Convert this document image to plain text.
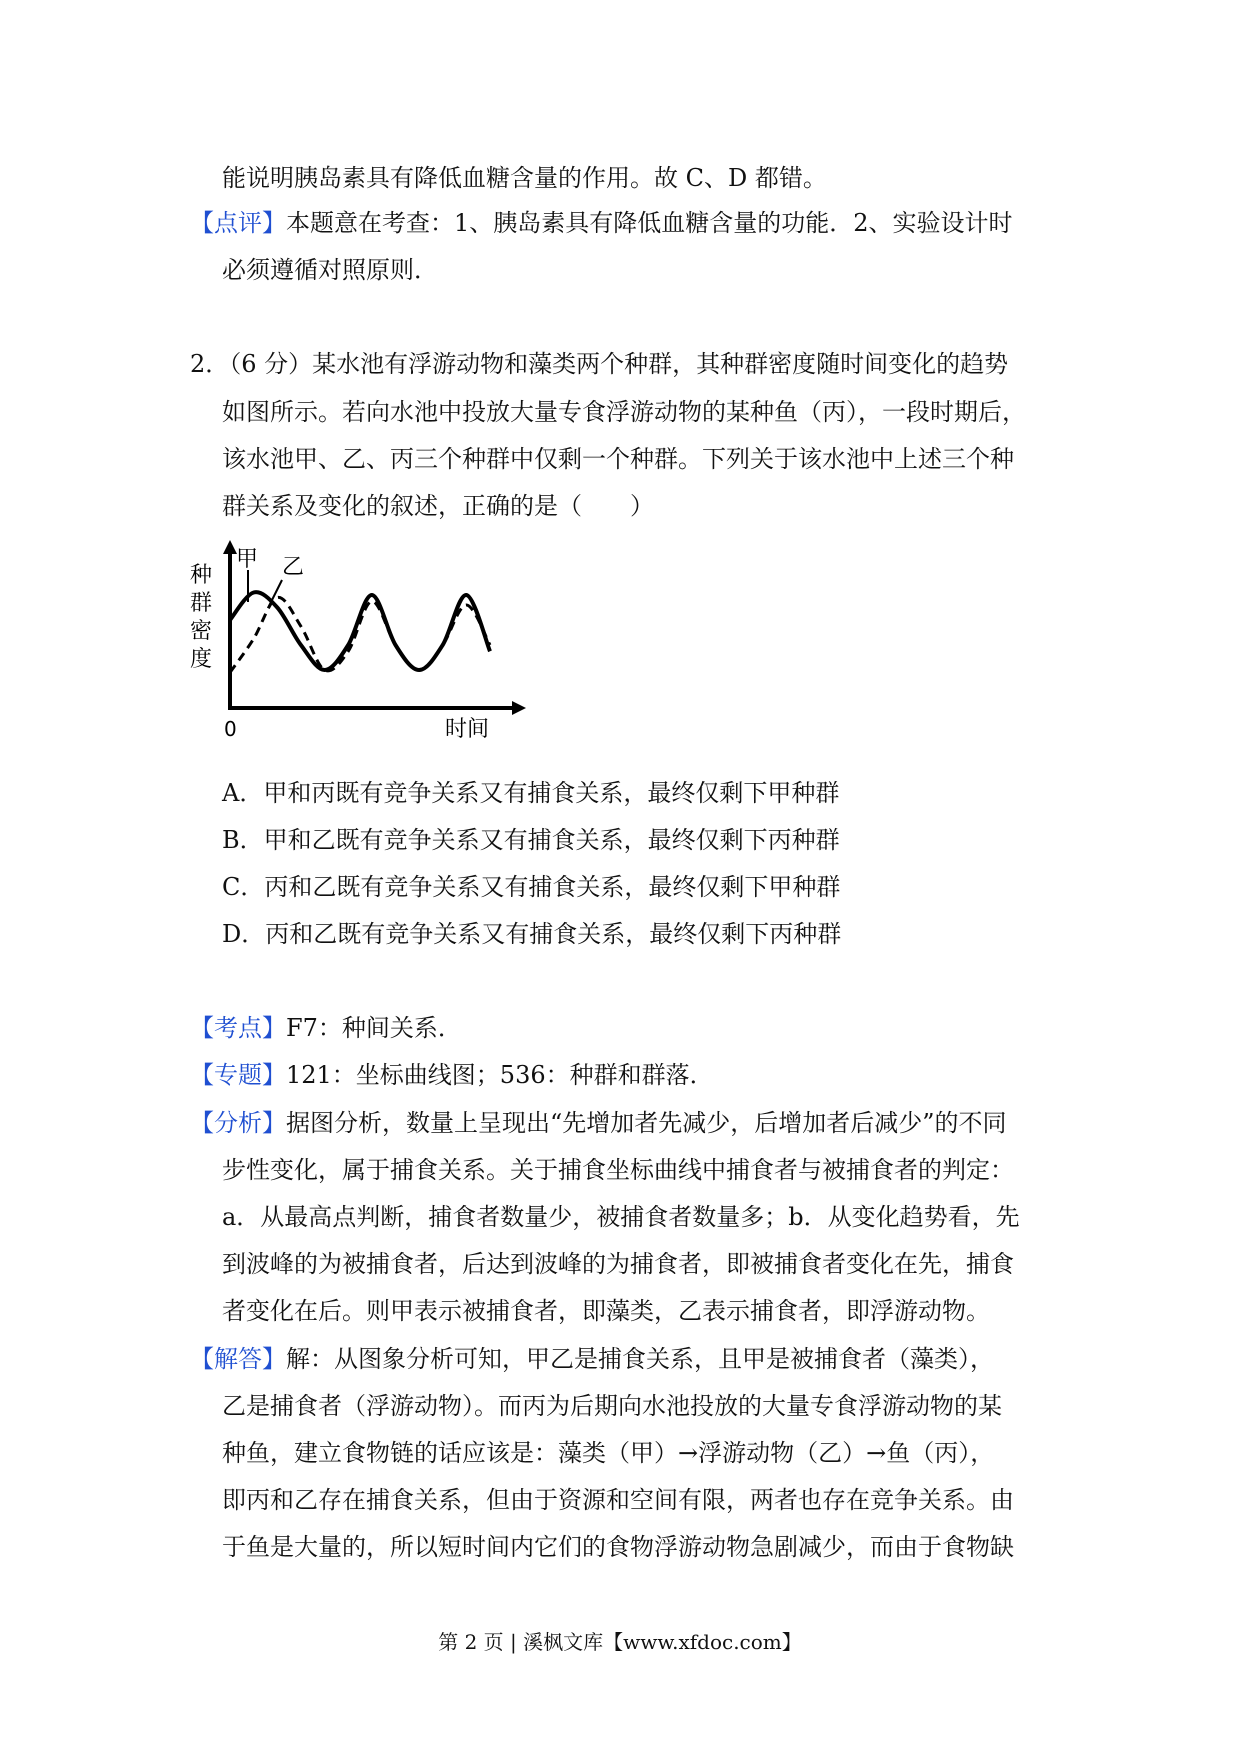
能说明胰岛素具有降低血糖含量的作用。故 C、D 都错。
【点评】本题意在考查：1、胰岛素具有降低血糖含量的功能．2、实验设计时
必须遵循对照原则．
2．（6 分）某水池有浮游动物和藻类两个种群，其种群密度随时间变化的趋势
如图所示。若向水池中投放大量专食浮游动物的某种鱼（丙），一段时期后，
该水池甲、乙、丙三个种群中仅剩一个种群。下列关于该水池中上述三个种
群关系及变化的叙述，正确的是（　　）
种
群
密
度
0	时间
甲 乙
A．甲和丙既有竞争关系又有捕食关系，最终仅剩下甲种群
B．甲和乙既有竞争关系又有捕食关系，最终仅剩下丙种群
C．丙和乙既有竞争关系又有捕食关系，最终仅剩下甲种群
D．丙和乙既有竞争关系又有捕食关系，最终仅剩下丙种群
【考点】F7：种间关系．
【专题】121：坐标曲线图；536：种群和群落．
【分析】据图分析，数量上呈现出“先增加者先减少，后增加者后减少”的不同
步性变化，属于捕食关系。关于捕食坐标曲线中捕食者与被捕食者的判定：
a．从最高点判断，捕食者数量少，被捕食者数量多；b．从变化趋势看，先
到波峰的为被捕食者，后达到波峰的为捕食者，即被捕食者变化在先，捕食
者变化在后。则甲表示被捕食者，即藻类，乙表示捕食者，即浮游动物。
【解答】解：从图象分析可知，甲乙是捕食关系，且甲是被捕食者（藻类），
乙是捕食者（浮游动物）。而丙为后期向水池投放的大量专食浮游动物的某
种鱼，建立食物链的话应该是：藻类（甲）→浮游动物（乙）→鱼（丙），
即丙和乙存在捕食关系，但由于资源和空间有限，两者也存在竞争关系。由
于鱼是大量的，所以短时间内它们的食物浮游动物急剧减少，而由于食物缺
第 2 页 | 溪枫文库【www.xfdoc.com】
